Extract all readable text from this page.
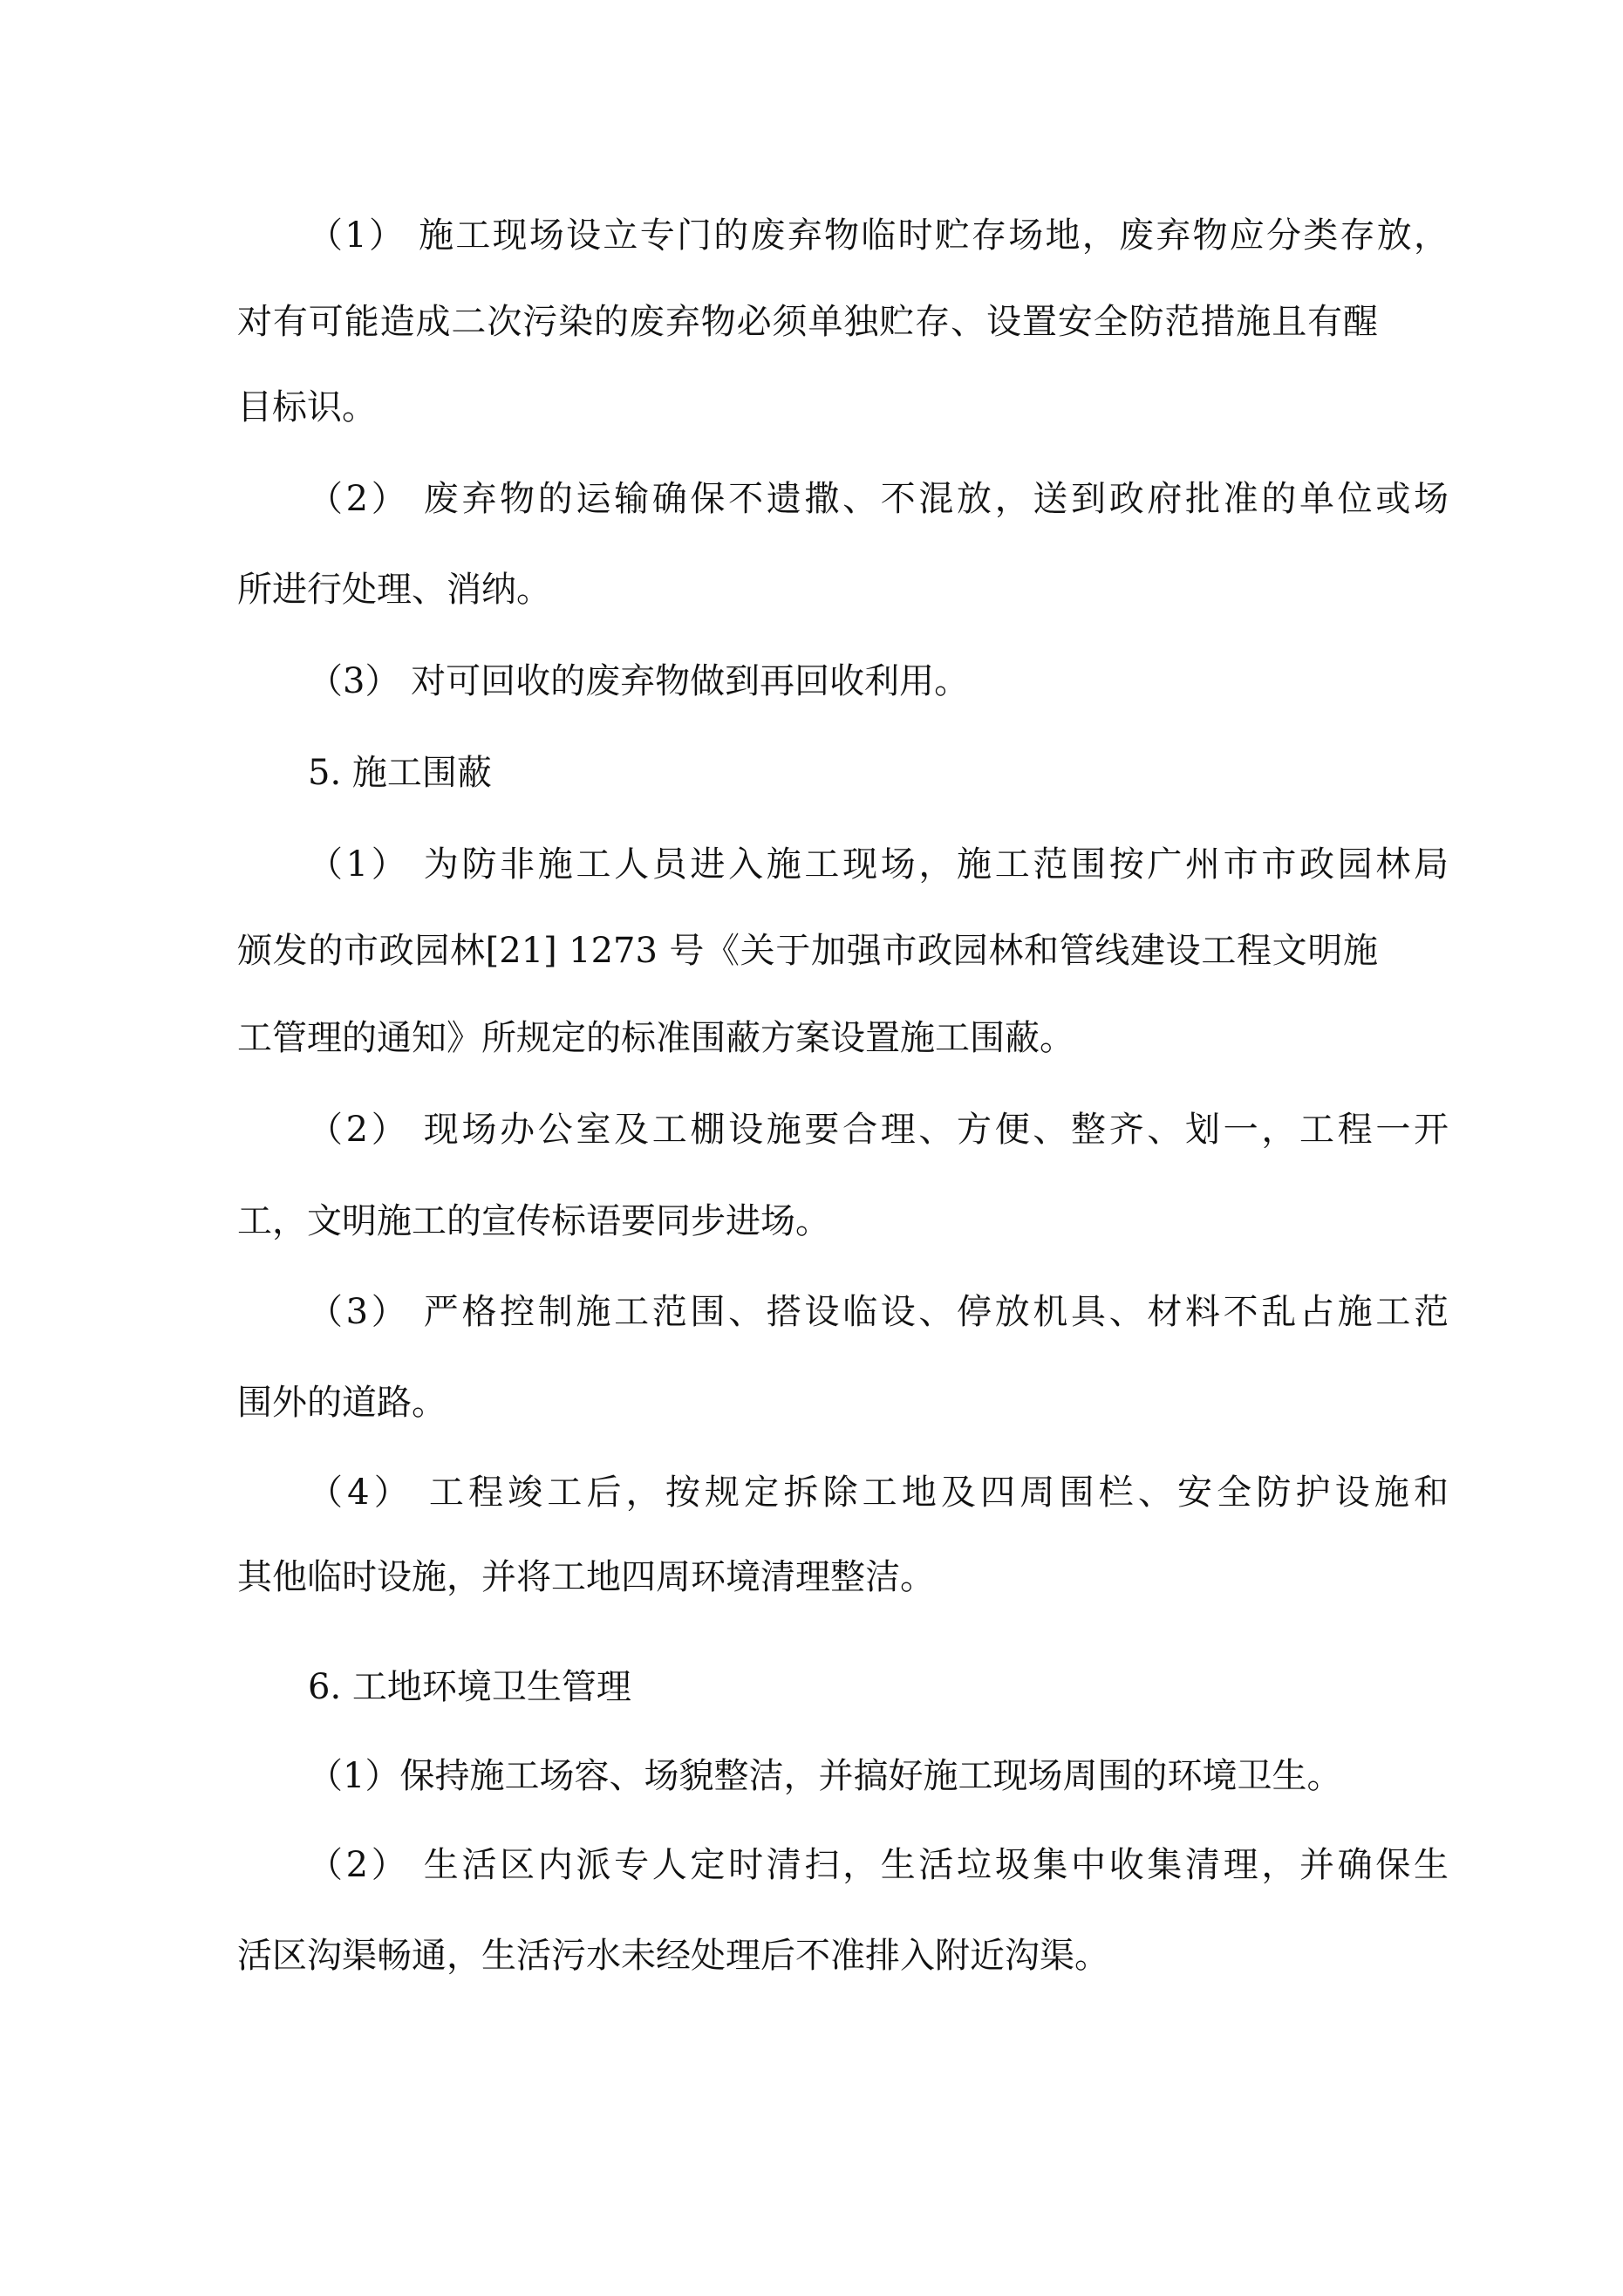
（1） 施工现场设立专门的废弃物临时贮存场地，废弃物应分类存放，

对有可能造成二次污染的废弃物必须单独贮存、设置安全防范措施且有醒

目标识。

（2） 废弃物的运输确保不遗撒、不混放，送到政府批准的单位或场

所进行处理、消纳。

（3） 对可回收的废弃物做到再回收利用。

5. 施工围蔽

（1） 为防非施工人员进入施工现场，施工范围按广州市市政园林局

颁发的市政园林[21] 1273 号《关于加强市政园林和管线建设工程文明施

工管理的通知》所规定的标准围蔽方案设置施工围蔽。

（2） 现场办公室及工棚设施要合理、方便、整齐、划一，工程一开

工，文明施工的宣传标语要同步进场。

（3） 严格控制施工范围、搭设临设、停放机具、材料不乱占施工范

围外的道路。

（4） 工程竣工后，按规定拆除工地及四周围栏、安全防护设施和

其他临时设施，并将工地四周环境清理整洁。

6. 工地环境卫生管理

（1）保持施工场容、场貌整洁，并搞好施工现场周围的环境卫生。

（2） 生活区内派专人定时清扫，生活垃圾集中收集清理，并确保生

活区沟渠畅通，生活污水未经处理后不准排入附近沟渠。
